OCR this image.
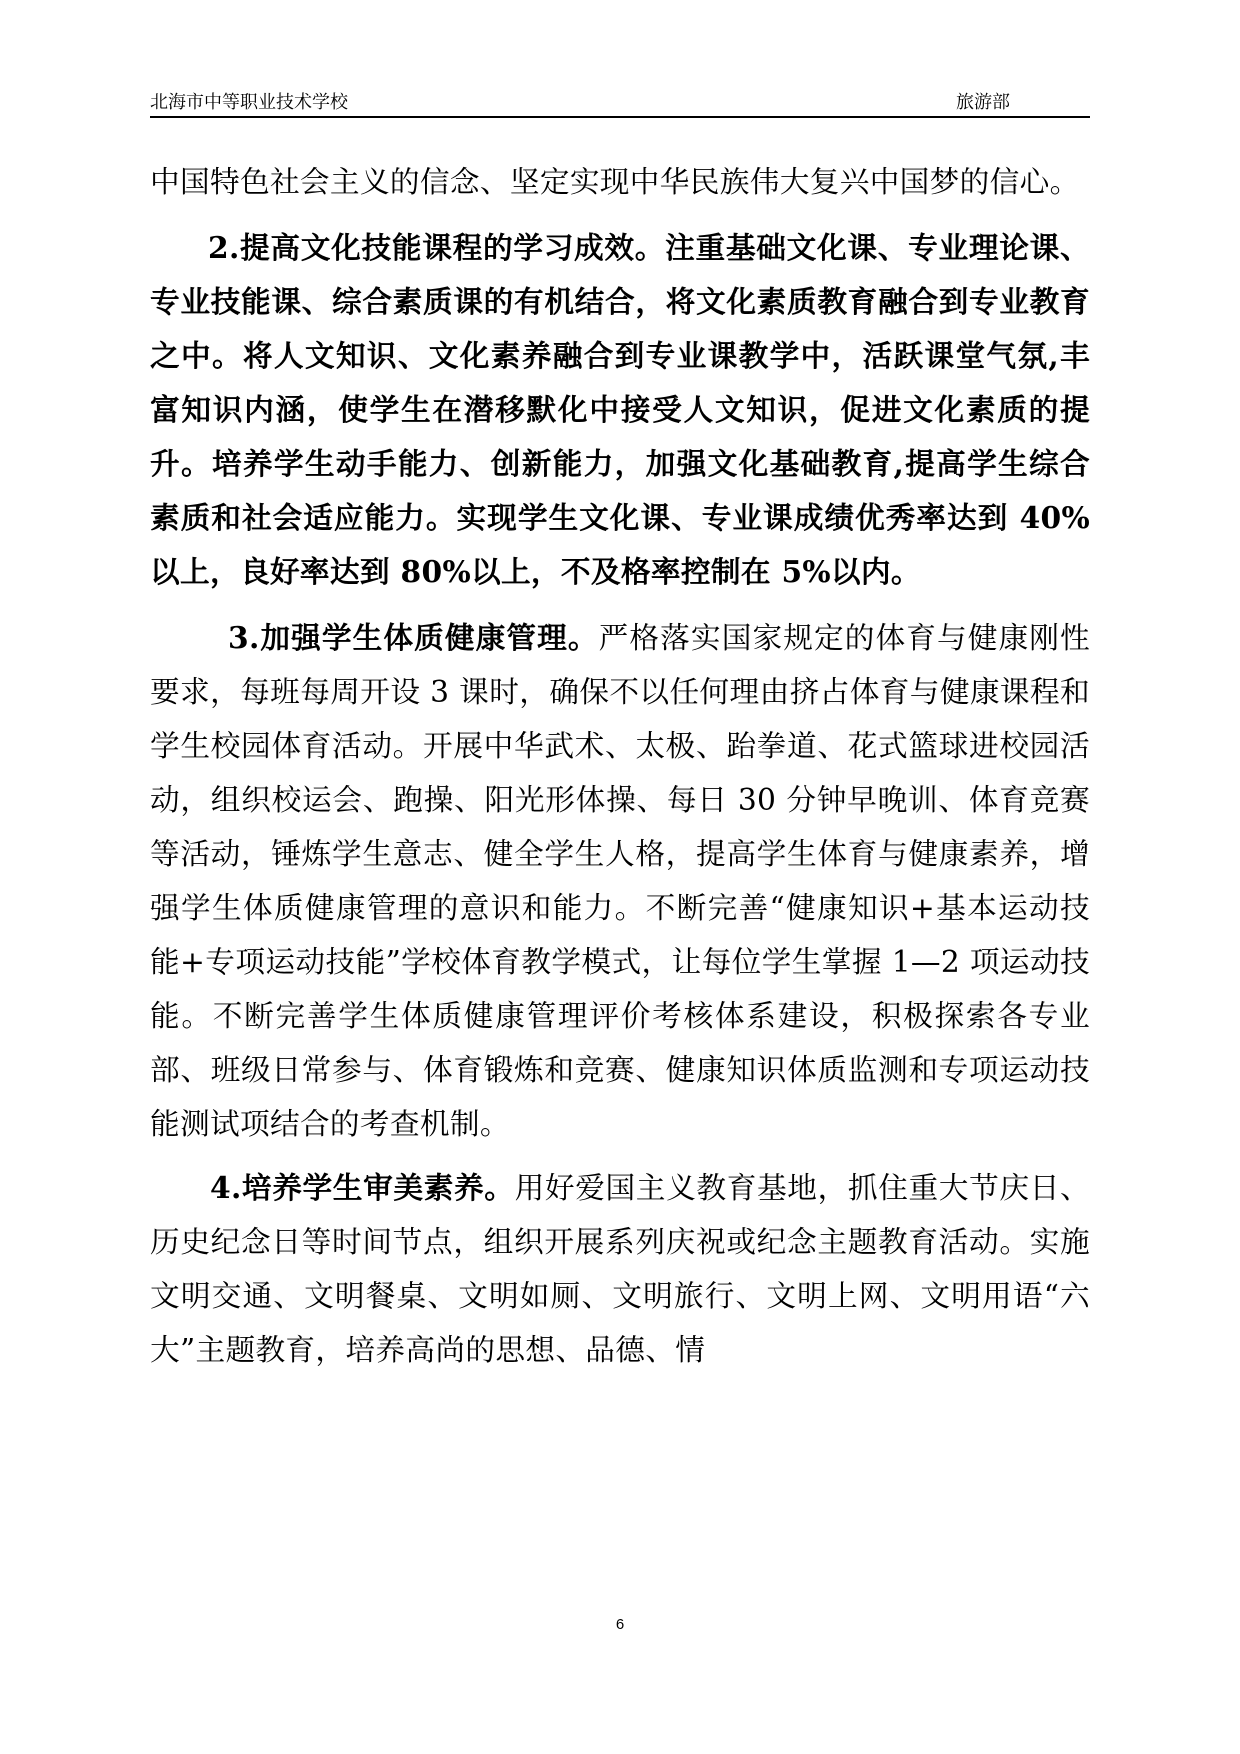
北海市中等职业技术学校	旅游部

中国特色社会主义的信念、坚定实现中华民族伟大复兴中国梦的信心。

2.提高文化技能课程的学习成效。注重基础文化课、专业理论课、专业技能课、综合素质课的有机结合，将文化素质教育融合到专业教育之中。将人文知识、文化素养融合到专业课教学中，活跃课堂气氛,丰富知识内涵，使学生在潜移默化中接受人文知识，促进文化素质的提升。培养学生动手能力、创新能力，加强文化基础教育,提高学生综合素质和社会适应能力。实现学生文化课、专业课成绩优秀率达到 40%以上，良好率达到 80%以上，不及格率控制在 5%以内。

3.加强学生体质健康管理。严格落实国家规定的体育与健康刚性要求，每班每周开设 3 课时，确保不以任何理由挤占体育与健康课程和学生校园体育活动。开展中华武术、太极、跆拳道、花式篮球进校园活动，组织校运会、跑操、阳光形体操、每日 30 分钟早晚训、体育竞赛等活动，锤炼学生意志、健全学生人格，提高学生体育与健康素养，增强学生体质健康管理的意识和能力。不断完善“健康知识+基本运动技能+专项运动技能”学校体育教学模式，让每位学生掌握 1—2 项运动技能。不断完善学生体质健康管理评价考核体系建设，积极探索各专业部、班级日常参与、体育锻炼和竞赛、健康知识体质监测和专项运动技能测试项结合的考查机制。

4.培养学生审美素养。用好爱国主义教育基地，抓住重大节庆日、历史纪念日等时间节点，组织开展系列庆祝或纪念主题教育活动。实施文明交通、文明餐桌、文明如厕、文明旅行、文明上网、文明用语“六大”主题教育，培养高尚的思想、品德、情

6
